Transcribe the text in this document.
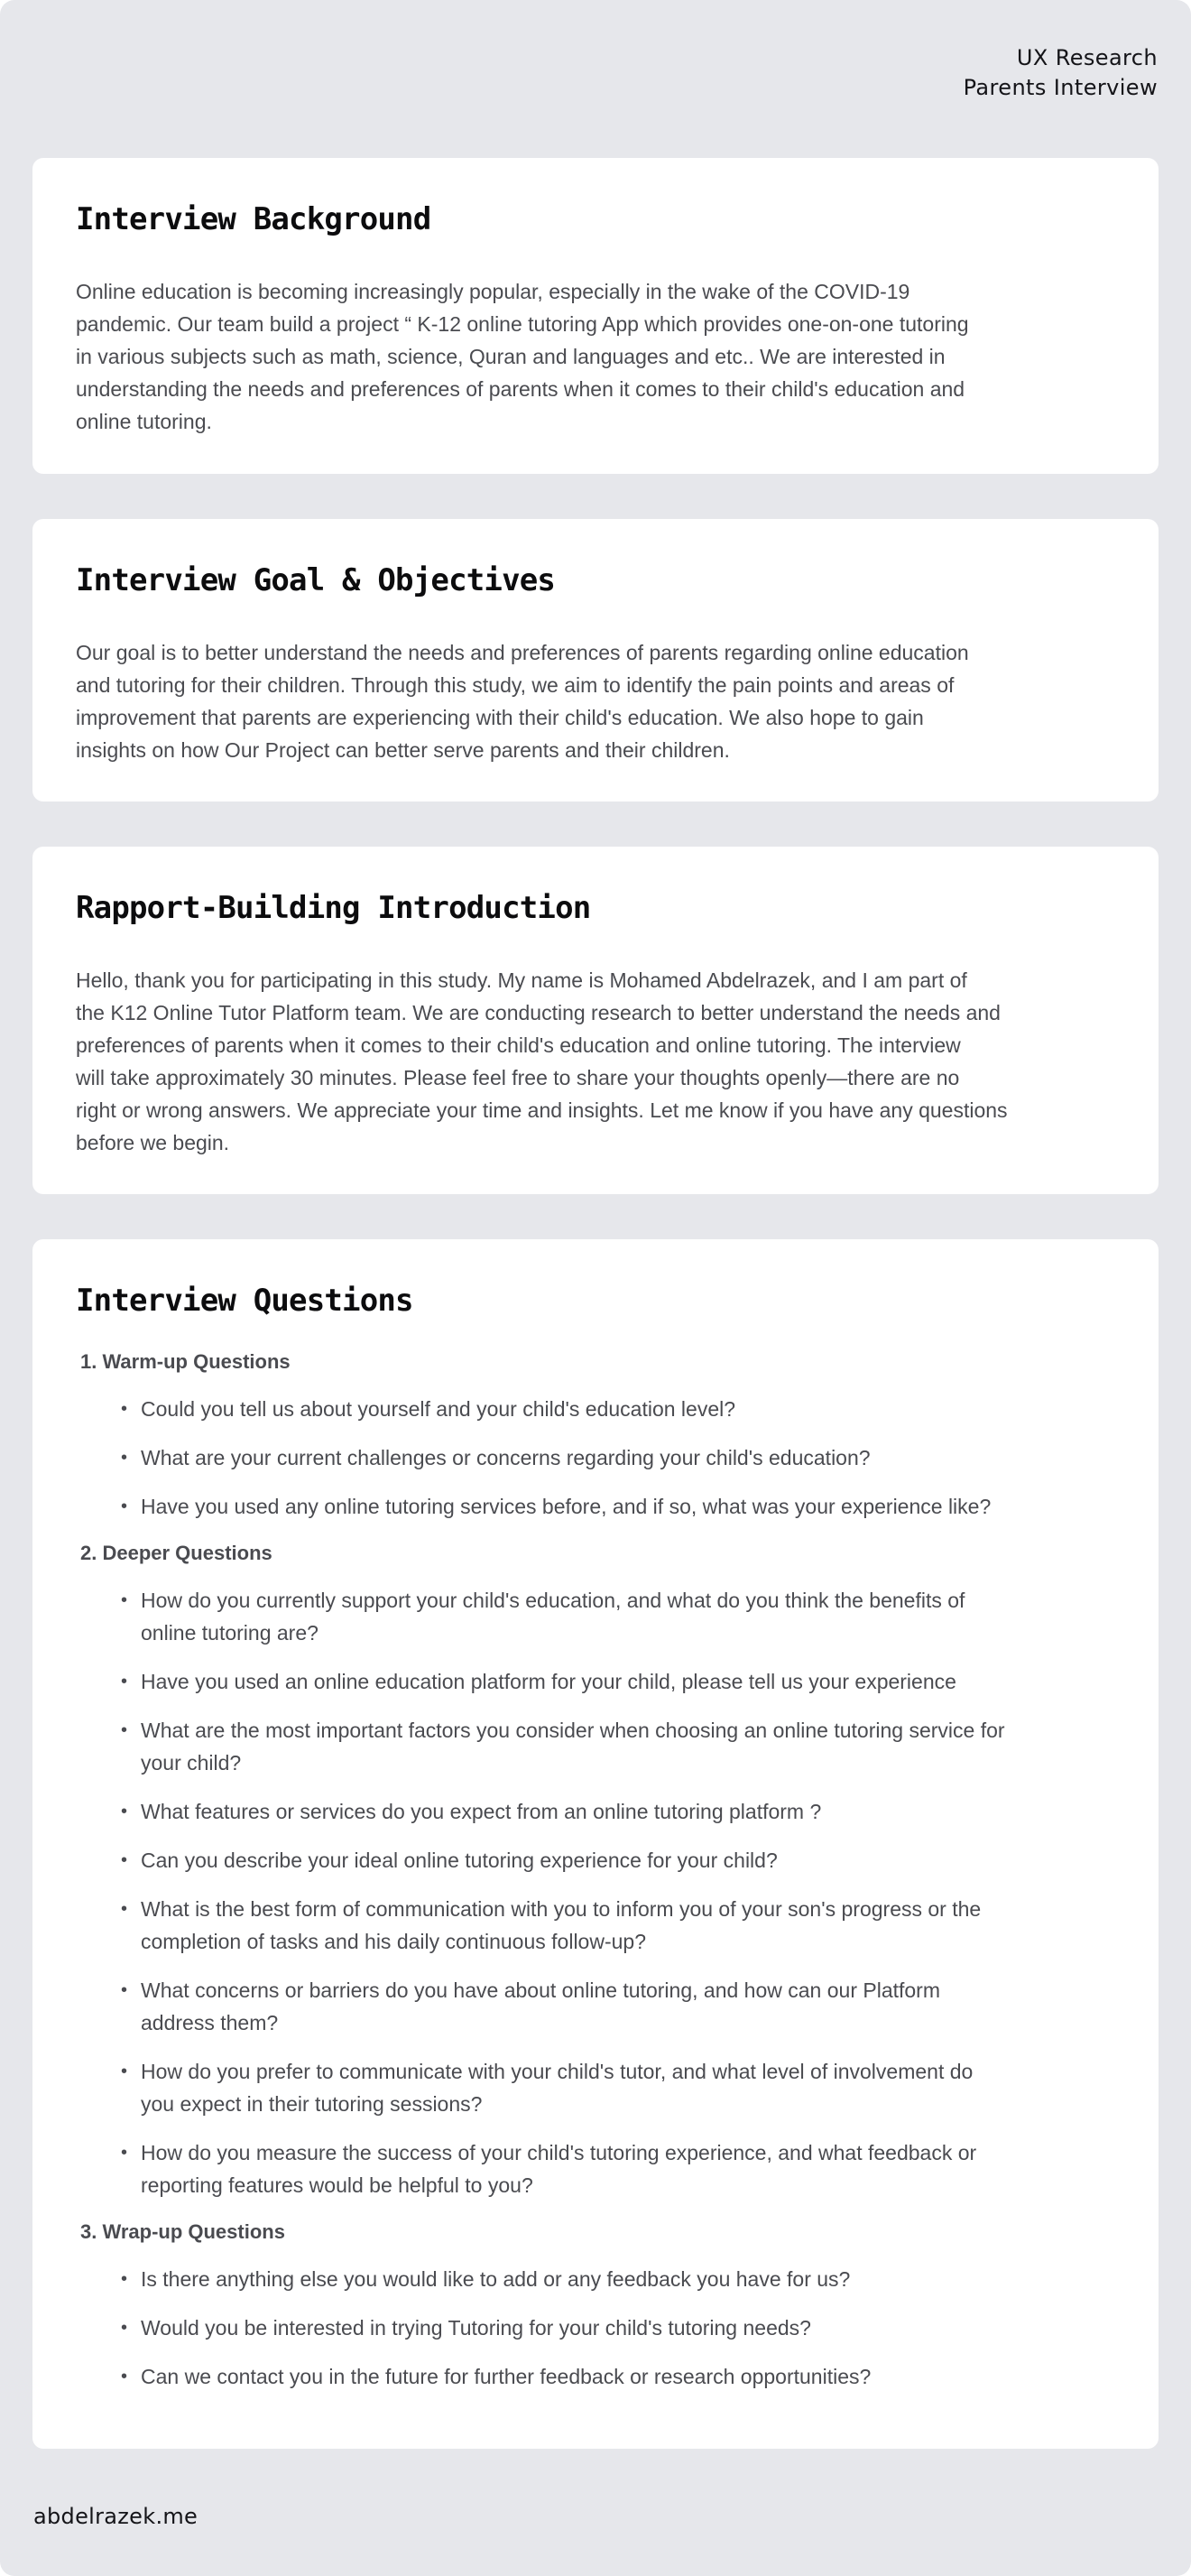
UX Research
Parents Interview
Interview Background

Online education is becoming increasingly popular, especially in the wake of the COVID-19
pandemic. Our team build a project “ K-12 online tutoring App which provides one-on-one tutoring
in various subjects such as math, science, Quran and languages and etc.. We are interested in
understanding the needs and preferences of parents when it comes to their child's education and
online tutoring.

Interview Goal & Objectives

Our goal is to better understand the needs and preferences of parents regarding online education
and tutoring for their children. Through this study, we aim to identify the pain points and areas of
improvement that parents are experiencing with their child's education. We also hope to gain
insights on how Our Project can better serve parents and their children.

Rapport-Building Introduction

Hello, thank you for participating in this study. My name is Mohamed Abdelrazek, and I am part of
the K12 Online Tutor Platform team. We are conducting research to better understand the needs and
preferences of parents when it comes to their child's education and online tutoring. The interview
will take approximately 30 minutes. Please feel free to share your thoughts openly—there are no
right or wrong answers. We appreciate your time and insights. Let me know if you have any questions
before we begin.

Interview Questions
1. Warm-up Questions
• Could you tell us about yourself and your child's education level?
• What are your current challenges or concerns regarding your child's education?
• Have you used any online tutoring services before, and if so, what was your experience like?
2. Deeper Questions
• How do you currently support your child's education, and what do you think the benefits of
online tutoring are?
• Have you used an online education platform for your child, please tell us your experience
• What are the most important factors you consider when choosing an online tutoring service for
your child?
• What features or services do you expect from an online tutoring platform ?
• Can you describe your ideal online tutoring experience for your child?
• What is the best form of communication with you to inform you of your son's progress or the
completion of tasks and his daily continuous follow-up?
• What concerns or barriers do you have about online tutoring, and how can our Platform
address them?
• How do you prefer to communicate with your child's tutor, and what level of involvement do
you expect in their tutoring sessions?
• How do you measure the success of your child's tutoring experience, and what feedback or
reporting features would be helpful to you?
3. Wrap-up Questions
• Is there anything else you would like to add or any feedback you have for us?
• Would you be interested in trying Tutoring for your child's tutoring needs?
• Can we contact you in the future for further feedback or research opportunities?
abdelrazek.me
